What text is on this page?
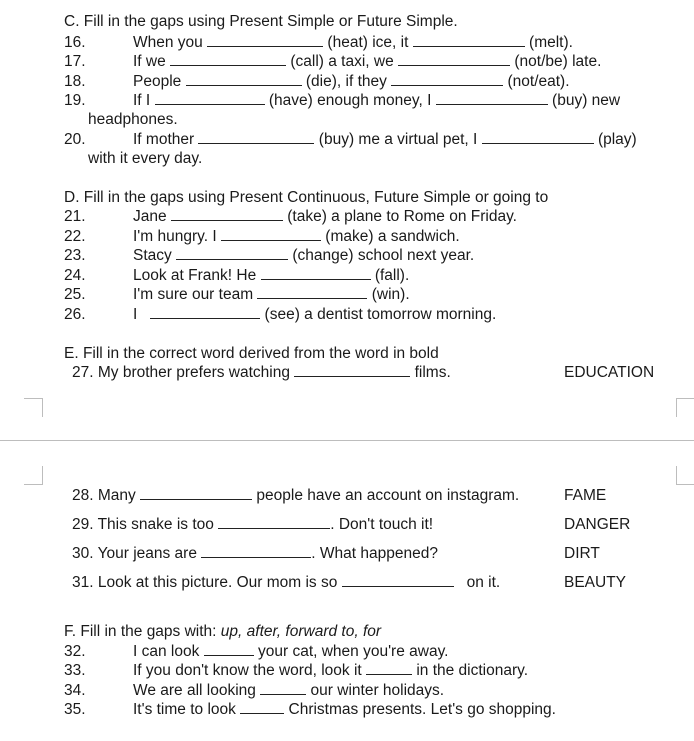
C. Fill in the gaps using Present Simple or Future Simple.
16.	When you	(heat) ice, it	(melt).
17.	If we	(call) a taxi, we	(not/be) late.
18.	People	(die), if they	(not/eat).
19.	If I	(have) enough money, I	(buy) new
headphones.
20.	If mother	(buy) me a virtual pet, I	(play)
with it every day.
D. Fill in the gaps using Present Continuous, Future Simple or going to
21.	Jane	(take) a plane to Rome on Friday.
22.	I'm hungry. I	(make) a sandwich.
23.	Stacy	(change) school next year.
24.	Look at Frank! He	(fall).
25.	I'm sure our team	(win).
26.	I	(see) a dentist tomorrow morning.
E. Fill in the correct word derived from the word in bold
27. My brother prefers watching	films.	EDUCATION
28. Many	people have an account on instagram.	FAME
29. This snake is too	. Don't touch it!	DANGER
30. Your jeans are	. What happened?	DIRT
31. Look at this picture. Our mom is so	on it.	BEAUTY
F. Fill in the gaps with: up, after, forward to, for
32.	I can look	your cat, when you're away.
33.	If you don't know the word, look it	in the dictionary.
34.	We are all looking	our winter holidays.
35.	It's time to look	Christmas presents. Let's go shopping.
